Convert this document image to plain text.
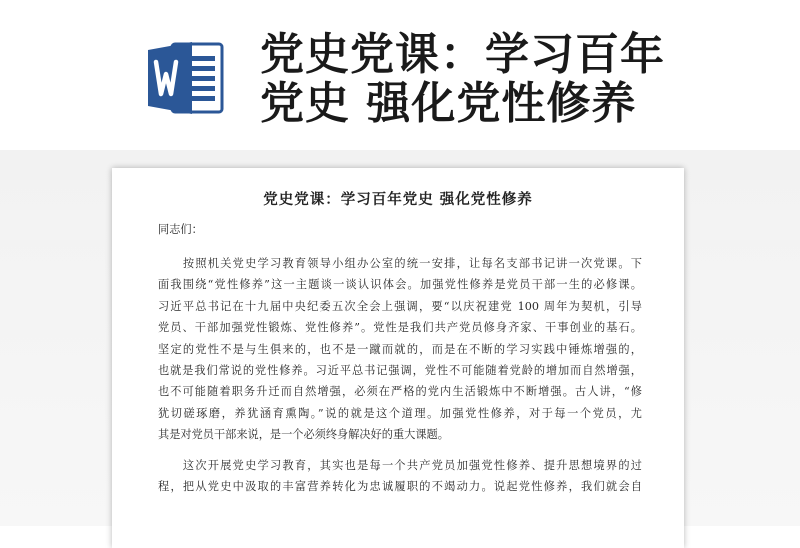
党史党课：学习百年
党史 强化党性修养
党史党课：学习百年党史 强化党性修养
同志们：
　　按照机关党史学习教育领导小组办公室的统一安排，让每名支部书记讲一次党课。下
面我围绕“党性修养”这一主题谈一谈认识体会。加强党性修养是党员干部一生的必修课。
习近平总书记在十九届中央纪委五次全会上强调，要“以庆祝建党 100 周年为契机，引导
党员、干部加强党性锻炼、党性修养”。党性是我们共产党员修身齐家、干事创业的基石。
坚定的党性不是与生俱来的，也不是一蹴而就的，而是在不断的学习实践中锤炼增强的，
也就是我们常说的党性修养。习近平总书记强调，党性不可能随着党龄的增加而自然增强，
也不可能随着职务升迁而自然增强，必须在严格的党内生活锻炼中不断增强。古人讲，“修
犹切磋琢磨，养犹涵育熏陶。”说的就是这个道理。加强党性修养，对于每一个党员，尤
其是对党员干部来说，是一个必须终身解决好的重大课题。
　　这次开展党史学习教育，其实也是每一个共产党员加强党性修养、提升思想境界的过
程，把从党史中汲取的丰富营养转化为忠诚履职的不竭动力。说起党性修养，我们就会自
